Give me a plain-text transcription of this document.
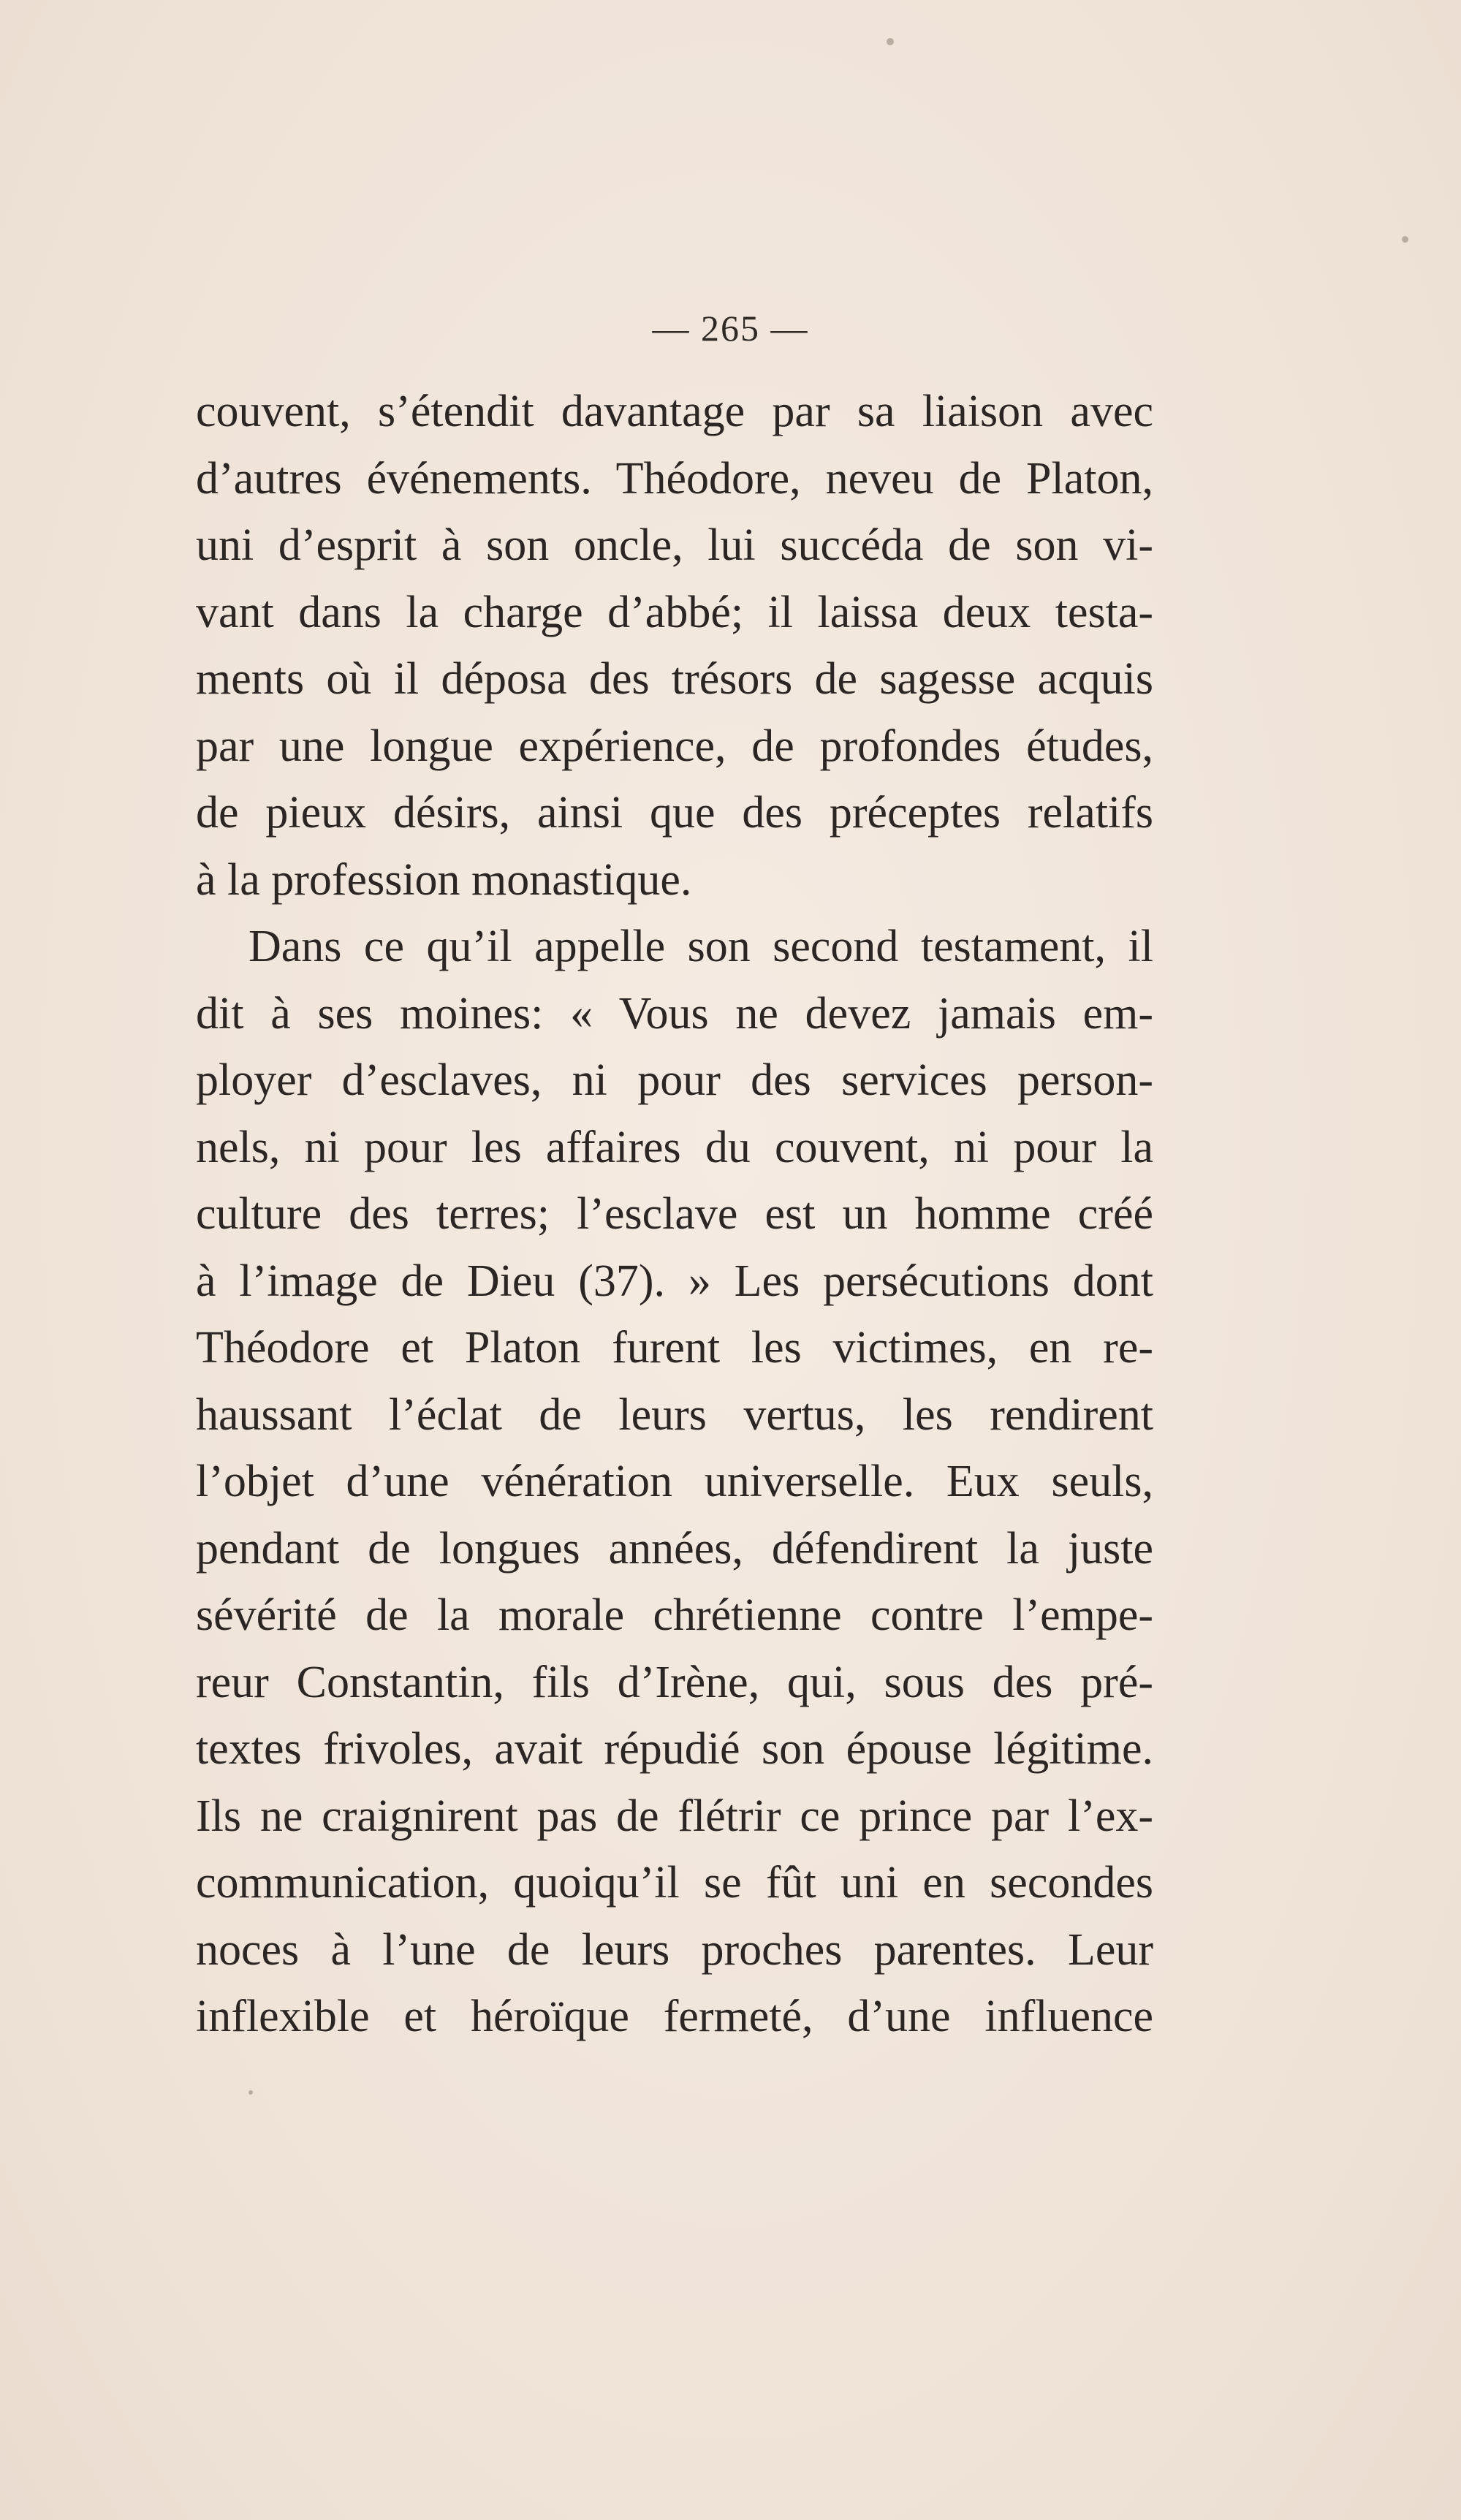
— 265 —
couvent, s’étendit davantage par sa liaison avec
d’autres événements. Théodore, neveu de Platon,
uni d’esprit à son oncle, lui succéda de son vi-
vant dans la charge d’abbé; il laissa deux testa-
ments où il déposa des trésors de sagesse acquis
par une longue expérience, de profondes études,
de pieux désirs, ainsi que des préceptes relatifs
à la profession monastique.
Dans ce qu’il appelle son second testament, il
dit à ses moines: « Vous ne devez jamais em-
ployer d’esclaves, ni pour des services person-
nels, ni pour les affaires du couvent, ni pour la
culture des terres; l’esclave est un homme créé
à l’image de Dieu (37). » Les persécutions dont
Théodore et Platon furent les victimes, en re-
haussant l’éclat de leurs vertus, les rendirent
l’objet d’une vénération universelle. Eux seuls,
pendant de longues années, défendirent la juste
sévérité de la morale chrétienne contre l’empe-
reur Constantin, fils d’Irène, qui, sous des pré-
textes frivoles, avait répudié son épouse légitime.
Ils ne craignirent pas de flétrir ce prince par l’ex-
communication, quoiqu’il se fût uni en secondes
noces à l’une de leurs proches parentes. Leur
inflexible et héroïque fermeté, d’une influence
